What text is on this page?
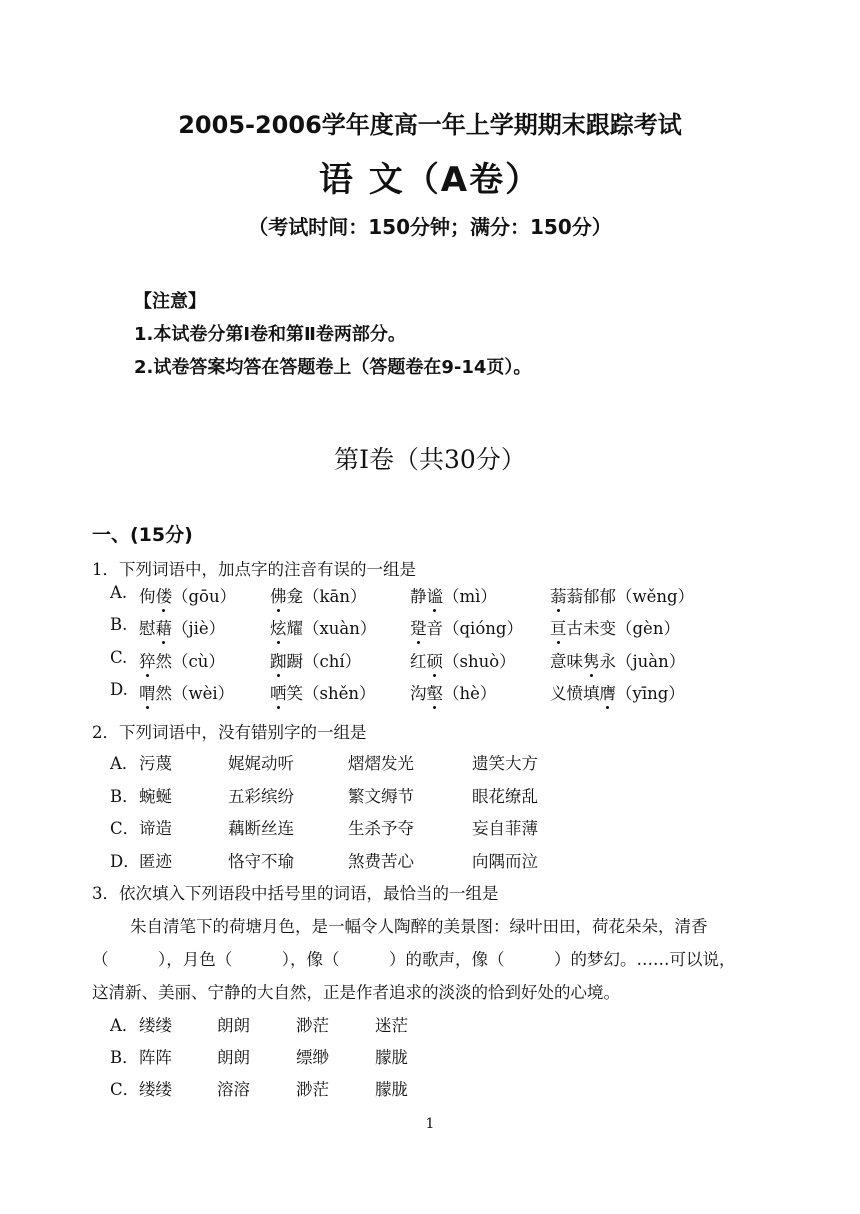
2005-2006学年度高一年上学期期末跟踪考试
语 文（A卷）
（考试时间：150分钟；满分：150分）
【注意】
1.本试卷分第Ⅰ卷和第Ⅱ卷两部分。
2.试卷答案均答在答题卷上（答题卷在9-14页）。
第Ⅰ卷（共30分）
一、(15分)
1．下列词语中，加点字的注音有误的一组是
A. 佝偻（gōu） 佛龛（kān）	静谧（mì）	蓊蓊郁郁（wěng）
B. 慰藉（jiè）	炫耀（xuàn） 跫音（qióng） 亘古未变（gèn）
C. 猝然（cù）	踟蹰（chí）	红硕（shuò） 意味隽永（juàn）
D. 喟然（wèi） 哂笑（shěn） 沟壑（hè）	义愤填膺（yīng）
2．下列词语中，没有错别字的一组是
A． 污蔑	娓娓动听	熠熠发光	遗笑大方
B． 蜿蜒	五彩缤纷	繁文缛节	眼花缭乱
C． 谛造	藕断丝连	生杀予夺	妄自菲薄
D． 匿迹	恪守不瑜	煞费苦心	向隅而泣
3．依次填入下列语段中括号里的词语，最恰当的一组是
朱自清笔下的荷塘月色，是一幅令人陶醉的美景图：绿叶田田，荷花朵朵，清香
（　　　），月色（　　　），像（　　　）的歌声，像（　　　）的梦幻。……可以说，
这清新、美丽、宁静的大自然，正是作者追求的淡淡的恰到好处的心境。
A． 缕缕	朗朗	渺茫	迷茫
B． 阵阵	朗朗	缥缈	朦胧
C． 缕缕	溶溶	渺茫	朦胧
1
